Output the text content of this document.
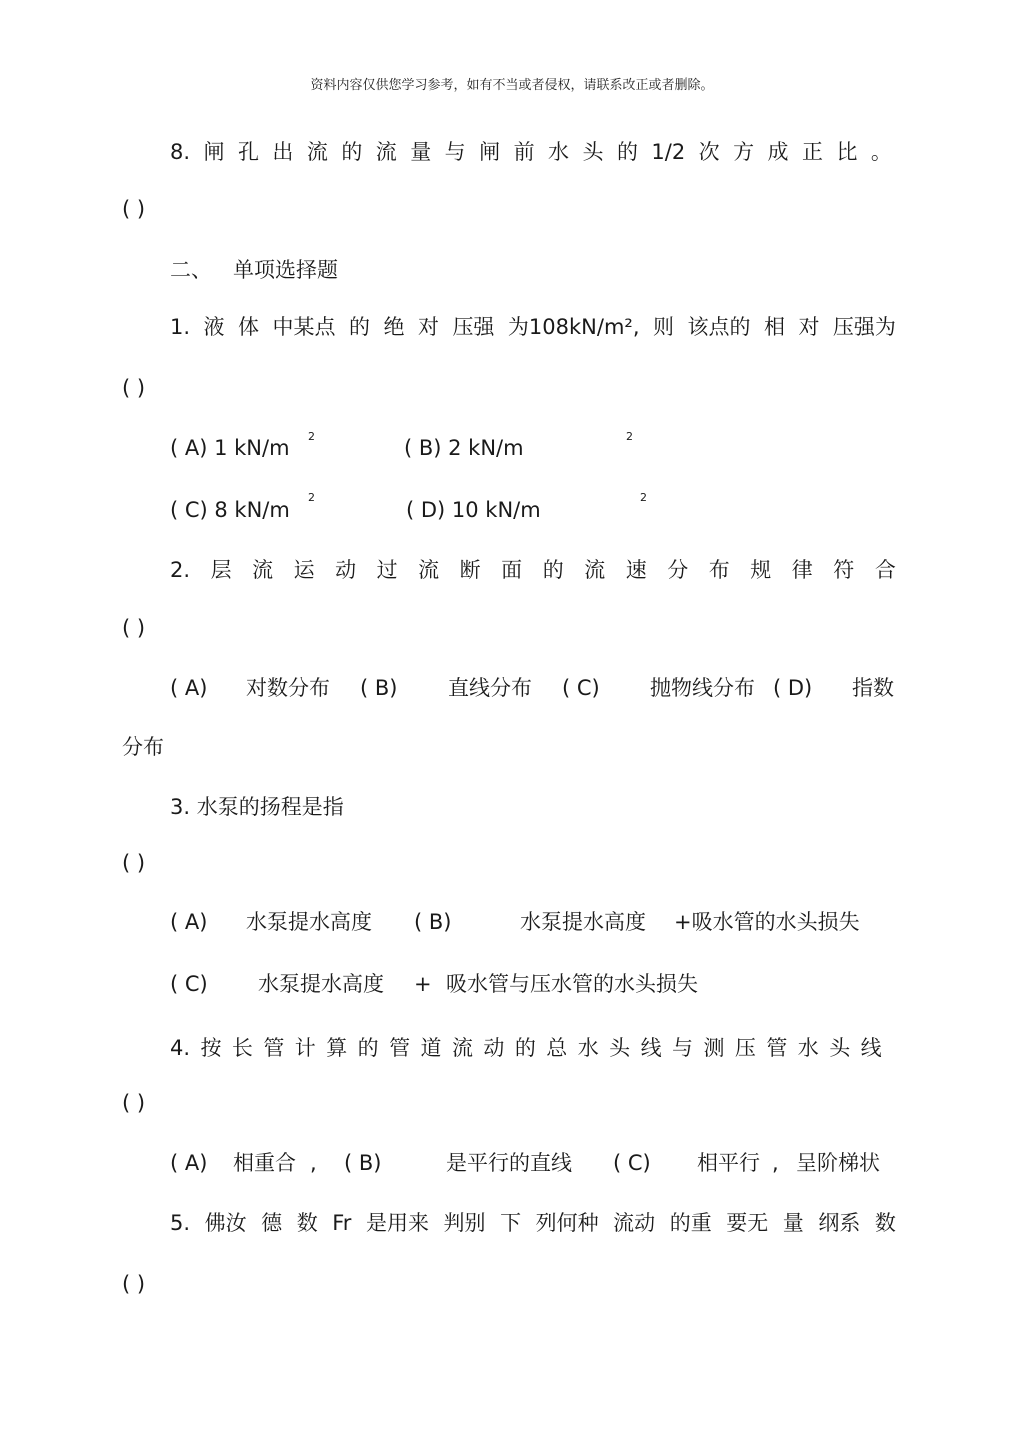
资料内容仅供您学习参考，如有不当或者侵权，请联系改正或者删除。
8. 闸 孔 出 流 的 流 量 与 闸 前 水 头 的 1/2 次 方 成 正 比 。
( )
二、 单项选择题
1. 液 体 中某点 的 绝 对 压强 为108kN/m², 则 该点的 相 对 压强为
( )
( A) 1 kN/m 2	( B) 2 kN/m	2
( C) 8 kN/m
2
( D) 10 kN/m
2
2. 层 流 运 动 过 流 断 面 的 流 速 分 布 规 律 符 合
( )
( A) 对数分布 ( B) 直线分布 ( C) 抛物线分布 ( D) 指数
分布
3. 水泵的扬程是指
( )
( A) 水泵提水高度 ( B)	水泵提水高度 +吸水管的水头损失
( C) 水泵提水高度 + 吸水管与压水管的水头损失
4. 按 长 管 计 算 的 管 道 流 动 的 总 水 头 线 与 测 压 管 水 头 线
( )
( A) 相重合 , ( B)	是平行的直线 ( C) 相平行 , 呈阶梯状
5. 佛汝 德 数 Fr 是用来 判别 下 列何种 流动 的重 要无 量 纲系 数
( )
